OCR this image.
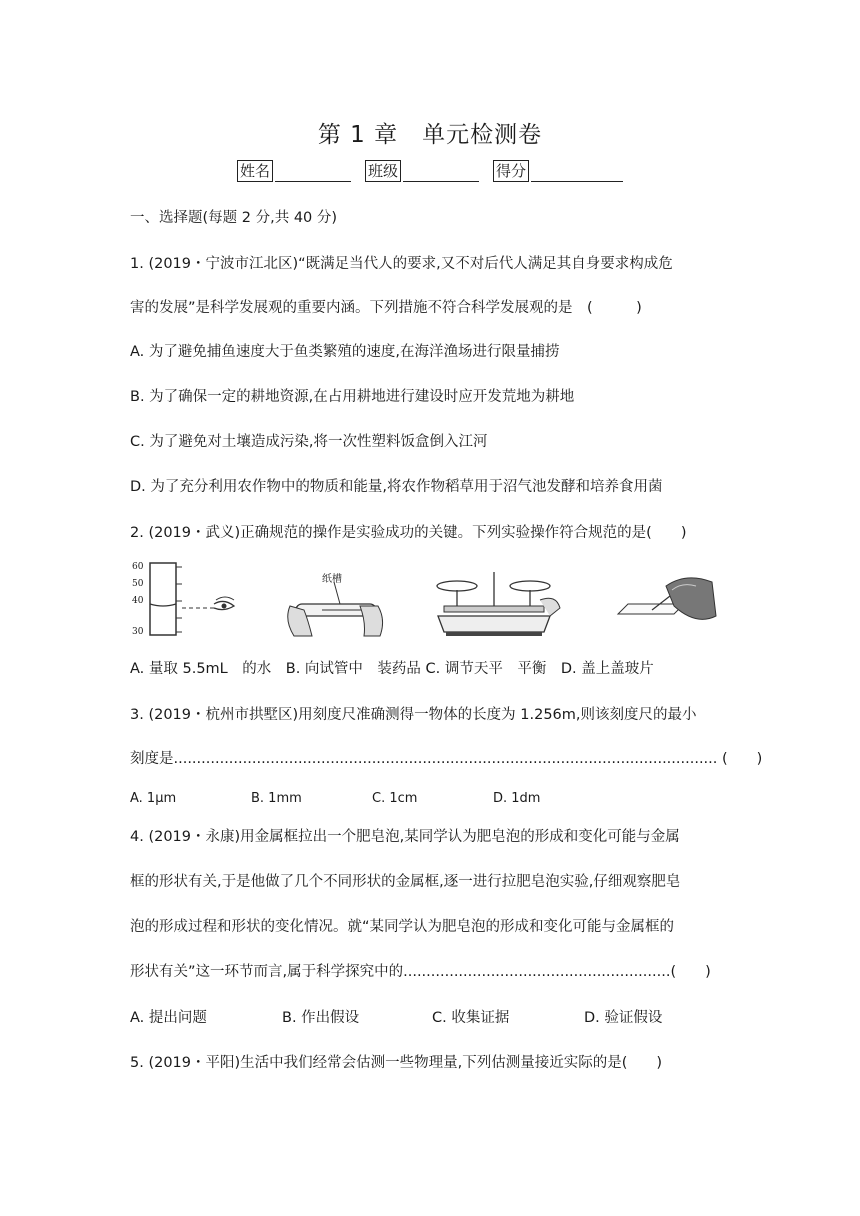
第 1 章　单元检测卷
姓名	班级	得分
一、选择题(每题 2 分,共 40 分)
1. (2019・宁波市江北区)“既满足当代人的要求,又不对后代人满足其自身要求构成危
害的发展”是科学发展观的重要内涵。下列措施不符合科学发展观的是　(　　　)
A. 为了避免捕鱼速度大于鱼类繁殖的速度,在海洋渔场进行限量捕捞
B. 为了确保一定的耕地资源,在占用耕地进行建设时应开发荒地为耕地
C. 为了避免对土壤造成污染,将一次性塑料饭盒倒入江河
D. 为了充分利用农作物中的物质和能量,将农作物稻草用于沼气池发酵和培养食用菌
2. (2019・武义)正确规范的操作是实验成功的关键。下列实验操作符合规范的是(　　)
60
50
40
30
纸槽
A. 量取 5.5mL　的水　B. 向试管中　装药品 C. 调节天平　平衡　D. 盖上盖玻片
3. (2019・杭州市拱墅区)用刻度尺准确测得一物体的长度为 1.256m,则该刻度尺的最小
刻度是...................................................................................................................... (　　)
A. 1μm	B. 1mm	C. 1cm	D. 1dm
4. (2019・永康)用金属框拉出一个肥皂泡,某同学认为肥皂泡的形成和变化可能与金属
框的形状有关,于是他做了几个不同形状的金属框,逐一进行拉肥皂泡实验,仔细观察肥皂
泡的形成过程和形状的变化情况。就“某同学认为肥皂泡的形成和变化可能与金属框的
形状有关”这一环节而言,属于科学探究中的..........................................................(　　)
A. 提出问题	B. 作出假设	C. 收集证据	D. 验证假设
5. (2019・平阳)生活中我们经常会估测一些物理量,下列估测量接近实际的是(　　)
